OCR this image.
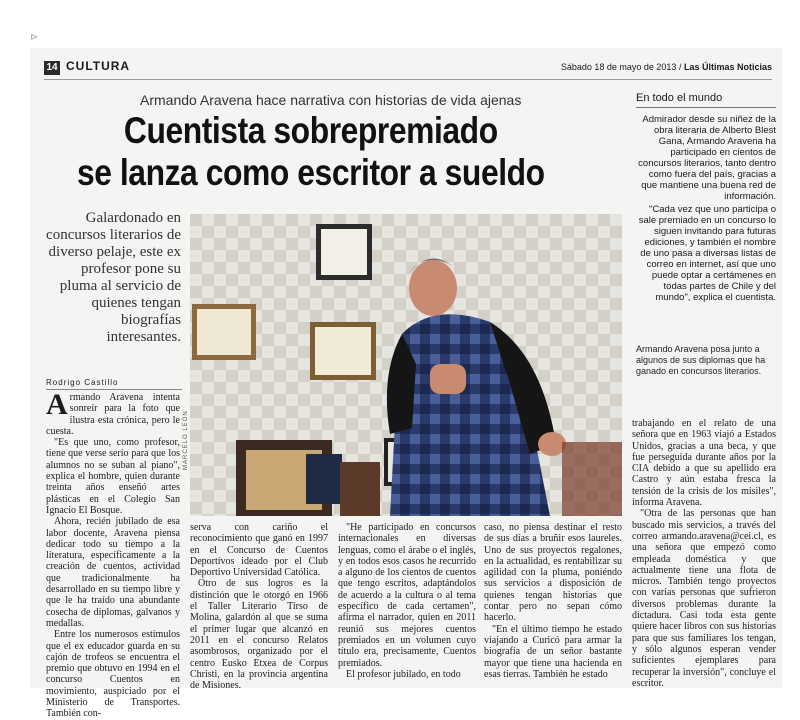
⊳
14 CULTURA	Sábado 18 de mayo de 2013 / Las Últimas Noticias
Armando Aravena hace narrativa con historias de vida ajenas
Cuentista sobrepremiado
se lanza como escritor a sueldo
En todo el mundo

Admirador desde su niñez de la obra literaria de Alberto Blest Gana, Armando Aravena ha participado en cientos de concursos literarios, tanto dentro como fuera del país, gracias a que mantiene una buena red de información.

"Cada vez que uno participa o sale premiado en un concurso lo siguen invitando para futuras ediciones, y también el nombre de uno pasa a diversas listas de correo en internet, así que uno puede optar a certámenes en todas partes de Chile y del mundo", explica el cuentista.

Armando Aravena posa junto a algunos de sus diplomas que ha ganado en concursos literarios.
Galardonado en concursos literarios de diverso pelaje, este ex profesor pone su pluma al servicio de quienes tengan biografías interesantes.
Rodrigo Castillo

Armando Aravena intenta sonreír para la foto que ilustra esta crónica, pero le cuesta.

"Es que uno, como profesor, tiene que verse serio para que los alumnos no se suban al piano", explica el hombre, quien durante treinta años enseñó artes plásticas en el Colegio San Ignacio El Bosque.

Ahora, recién jubilado de esa labor docente, Aravena piensa dedicar todo su tiempo a la literatura, específicamente a la creación de cuentos, actividad que tradicionalmente ha desarrollado en su tiempo libre y que le ha traído una abundante cosecha de diplomas, galvanos y medallas.

Entre los numerosos estímulos que el ex educador guarda en su cajón de trofeos se encuentra el premio que obtuvo en 1994 en el concurso Cuentos en movimiento, auspiciado por el Ministerio de Transportes. También con-

MARCELO LEÓN

serva con cariño el reconocimiento que ganó en 1997 en el Concurso de Cuentos Deportivos ideado por el Club Deportivo Universidad Católica.

Otro de sus logros es la distinción que le otorgó en 1966 el Taller Literario Tirso de Molina, galardón al que se suma el primer lugar que alcanzó en 2011 en el concurso Relatos asombrosos, organizado por el centro Eusko Etxea de Corpus Christi, en la provincia argentina de Misiones.

"He participado en concursos internacionales en diversas lenguas, como el árabe o el inglés, y en todos esos casos he recurrido a alguno de los cientos de cuentos que tengo escritos, adaptándolos de acuerdo a la cultura o al tema específico de cada certamen", afirma el narrador, quien en 2011 reunió sus mejores cuentos premiados en un volumen cuyo título era, precisamente, Cuentos premiados.

El profesor jubilado, en todo

caso, no piensa destinar el resto de sus días a bruñir esos laureles. Uno de sus proyectos regalones, en la actualidad, es rentabilizar su agilidad con la pluma, poniéndo sus servicios a disposición de quienes tengan historias que contar pero no sepan cómo hacerlo.

"En el último tiempo he estado viajando a Curicó para armar la biografía de un señor bastante mayor que tiene una hacienda en esas tierras. También he estado

trabajando en el relato de una señora que en 1963 viajó a Estados Unidos, gracias a una beca, y que fue perseguida durante años por la CIA debido a que su apellido era Castro y aún estaba fresca la tensión de la crisis de los misiles", informa Aravena.

"Otra de las personas que han buscado mis servicios, a través del correo armando.aravena@cei.cl, es una señora que empezó como empleada doméstica y que actualmente tiene una flota de micros. También tengo proyectos con varias personas que sufrieron diversos problemas durante la dictadura. Casi toda esta gente quiere hacer libros con sus historias para que sus familiares los tengan, y sólo algunos esperan vender suficientes ejemplares para recuperar la inversión", concluye el escritor.
